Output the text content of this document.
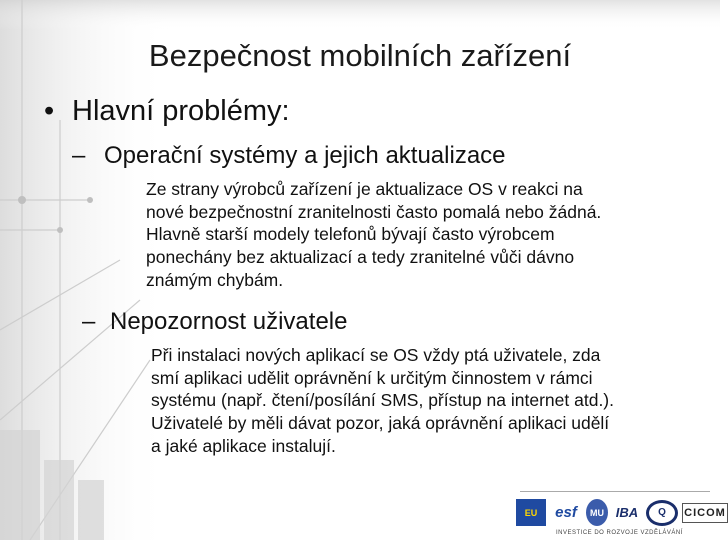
Bezpečnost mobilních zařízení
• Hlavní problémy:
– Operační systémy a jejich aktualizace
Ze strany výrobců zařízení je aktualizace OS v reakci na
nové bezpečnostní zranitelnosti často pomalá nebo žádná.
Hlavně starší modely telefonů bývají často výrobcem
ponechány bez aktualizací a tedy zranitelné vůči dávno
známým chybám.
– Nepozornost uživatele
Při instalaci nových aplikací se OS vždy ptá uživatele, zda
smí aplikaci udělit oprávnění k určitým činnostem v rámci
systému (např. čtení/posílání SMS, přístup na internet atd.).
Uživatelé by měli dávat pozor, jaká oprávnění aplikaci udělí
a jaké aplikace instalují.
EU	esf	MU IBA	Q	CICOM
INVESTICE DO ROZVOJE VZDĚLÁVÁNÍ
